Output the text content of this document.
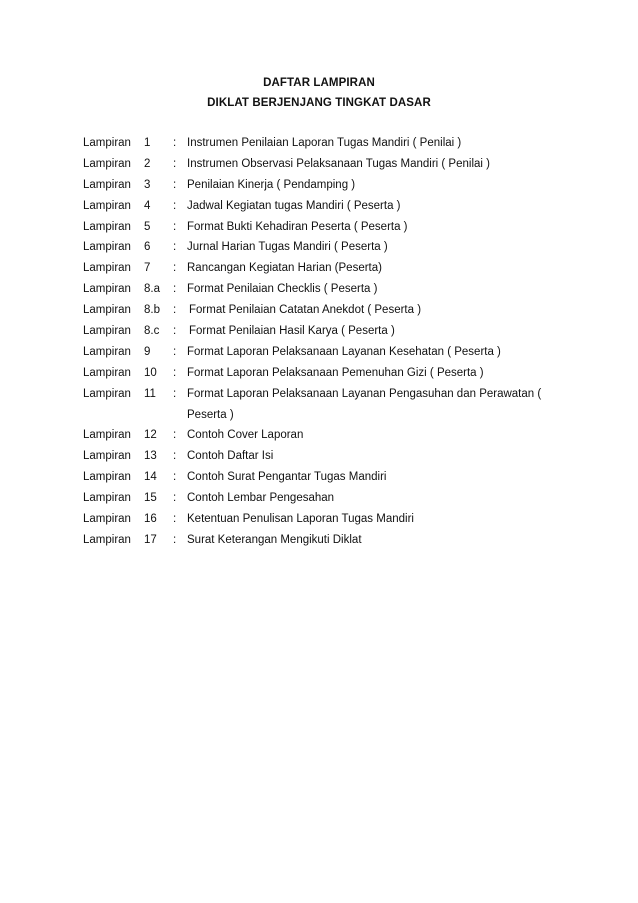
DAFTAR LAMPIRAN
DIKLAT BERJENJANG TINGKAT DASAR
Lampiran 1 : Instrumen Penilaian Laporan Tugas Mandiri ( Penilai )
Lampiran 2 : Instrumen Observasi Pelaksanaan Tugas Mandiri ( Penilai )
Lampiran 3 : Penilaian Kinerja ( Pendamping )
Lampiran 4 : Jadwal Kegiatan tugas Mandiri ( Peserta )
Lampiran 5 : Format Bukti Kehadiran Peserta ( Peserta )
Lampiran 6 : Jurnal Harian Tugas Mandiri ( Peserta )
Lampiran 7 : Rancangan Kegiatan Harian (Peserta)
Lampiran 8.a : Format Penilaian Checklis ( Peserta )
Lampiran 8.b : Format Penilaian Catatan Anekdot ( Peserta )
Lampiran 8.c : Format Penilaian Hasil Karya ( Peserta )
Lampiran 9 : Format Laporan Pelaksanaan Layanan Kesehatan ( Peserta )
Lampiran 10 : Format Laporan Pelaksanaan Pemenuhan Gizi ( Peserta )
Lampiran 11 : Format Laporan Pelaksanaan Layanan Pengasuhan dan Perawatan ( Peserta )
Lampiran 12 : Contoh Cover Laporan
Lampiran 13 : Contoh Daftar Isi
Lampiran 14 : Contoh Surat Pengantar Tugas Mandiri
Lampiran 15 : Contoh Lembar Pengesahan
Lampiran 16 : Ketentuan Penulisan Laporan Tugas Mandiri
Lampiran 17 : Surat Keterangan Mengikuti Diklat
